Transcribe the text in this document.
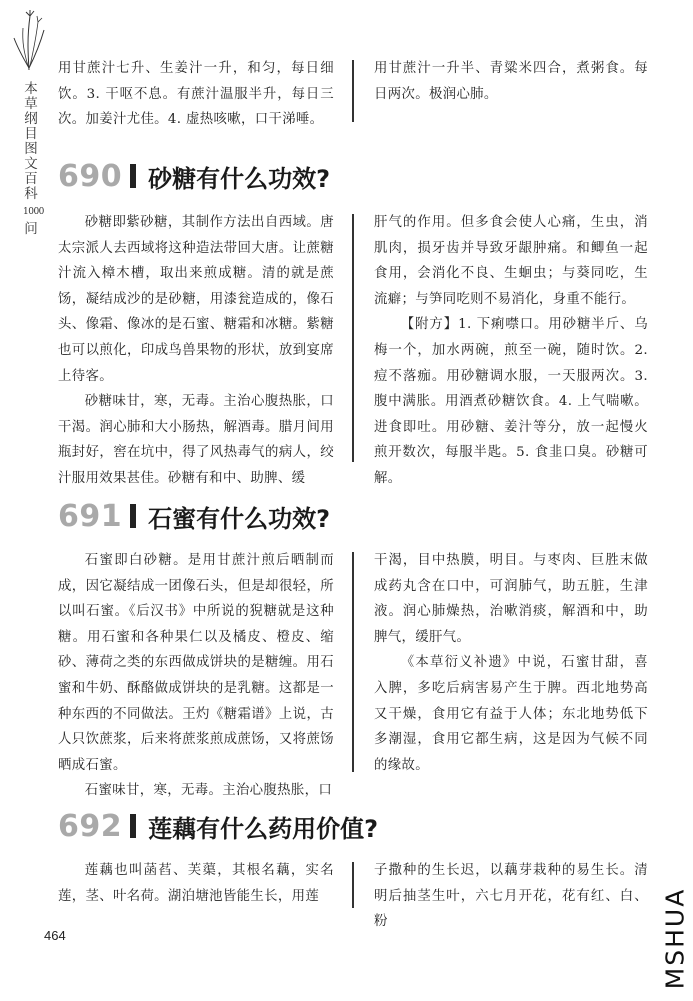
本
草
纲
目
图
文
百
科
1000
问

用甘蔗汁七升、生姜汁一升，和匀，每日细饮。3. 干呕不息。有蔗汁温服半升，每日三次。加姜汁尤佳。4. 虚热咳嗽，口干涕唾。

用甘蔗汁一升半、青粱米四合，煮粥食。每日两次。极润心肺。

690 砂糖有什么功效?

砂糖即紫砂糖，其制作方法出自西域。唐太宗派人去西域将这种造法带回大唐。让蔗糖汁流入樟木槽，取出来煎成糖。清的就是蔗饧，凝结成沙的是砂糖，用漆瓮造成的，像石头、像霜、像冰的是石蜜、糖霜和冰糖。紫糖也可以煎化，印成鸟兽果物的形状，放到宴席上待客。

砂糖味甘，寒，无毒。主治心腹热胀，口干渴。润心肺和大小肠热，解酒毒。腊月间用瓶封好，窖在坑中，得了风热毒气的病人，绞汁服用效果甚佳。砂糖有和中、助脾、缓

肝气的作用。但多食会使人心痛，生虫，消肌肉，损牙齿并导致牙龈肿痛。和鲫鱼一起食用，会消化不良、生蛔虫；与葵同吃，生流癖；与笋同吃则不易消化，身重不能行。

【附方】1. 下痢噤口。用砂糖半斤、乌梅一个，加水两碗，煎至一碗，随时饮。2. 痘不落痂。用砂糖调水服，一天服两次。3. 腹中满胀。用酒煮砂糖饮食。4. 上气喘嗽。进食即吐。用砂糖、姜汁等分，放一起慢火煎开数次，每服半匙。5. 食韭口臭。砂糖可解。

691 石蜜有什么功效?

石蜜即白砂糖。是用甘蔗汁煎后晒制而成，因它凝结成一团像石头，但是却很轻，所以叫石蜜。《后汉书》中所说的猊糖就是这种糖。用石蜜和各种果仁以及橘皮、橙皮、缩砂、薄荷之类的东西做成饼块的是糖缠。用石蜜和牛奶、酥酪做成饼块的是乳糖。这都是一种东西的不同做法。王灼《糖霜谱》上说，古人只饮蔗浆，后来将蔗浆煎成蔗饧，又将蔗饧晒成石蜜。

石蜜味甘，寒，无毒。主治心腹热胀，口

干渴，目中热膜，明目。与枣肉、巨胜末做成药丸含在口中，可润肺气，助五脏，生津液。润心肺燥热，治嗽消痰，解酒和中，助脾气，缓肝气。

《本草衍义补遗》中说，石蜜甘甜，喜入脾，多吃后病害易产生于脾。西北地势高又干燥，食用它有益于人体；东北地势低下多潮湿，食用它都生病，这是因为气候不同的缘故。

692 莲藕有什么药用价值?

莲藕也叫菡萏、芙蕖，其根名藕，实名莲，茎、叶名荷。湖泊塘池皆能生长，用莲

子撒种的生长迟，以藕芽栽种的易生长。清明后抽茎生叶，六七月开花，花有红、白、粉

464	MSHUA
